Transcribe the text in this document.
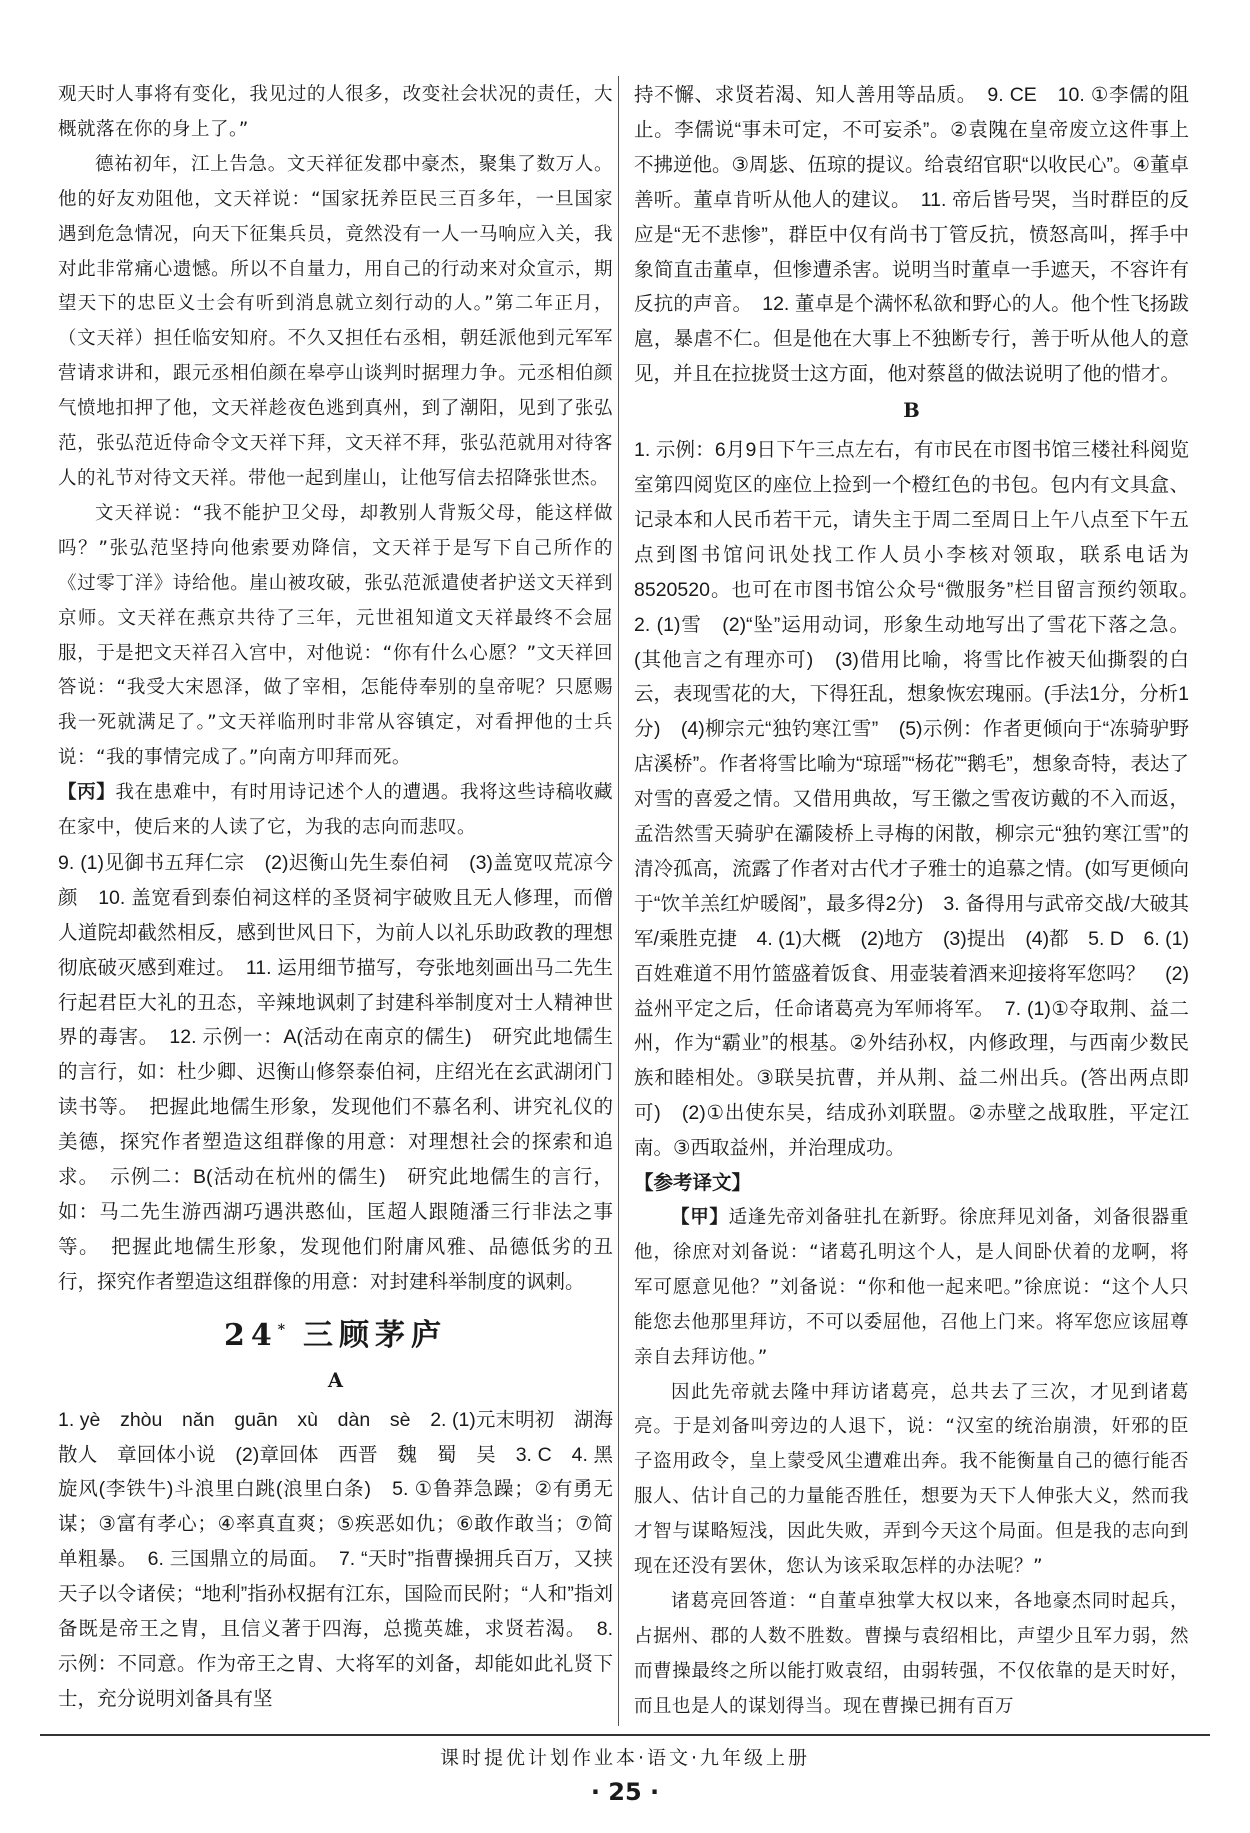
观天时人事将有变化，我见过的人很多，改变社会状况的责任，大概就落在你的身上了。”

德祐初年，江上告急。文天祥征发郡中豪杰，聚集了数万人。他的好友劝阻他，文天祥说：“国家抚养臣民三百多年，一旦国家遇到危急情况，向天下征集兵员，竟然没有一人一马响应入关，我对此非常痛心遗憾。所以不自量力，用自己的行动来对众宣示，期望天下的忠臣义士会有听到消息就立刻行动的人。”第二年正月，（文天祥）担任临安知府。不久又担任右丞相，朝廷派他到元军军营请求讲和，跟元丞相伯颜在皋亭山谈判时据理力争。元丞相伯颜气愤地扣押了他，文天祥趁夜色逃到真州，到了潮阳，见到了张弘范，张弘范近侍命令文天祥下拜，文天祥不拜，张弘范就用对待客人的礼节对待文天祥。带他一起到崖山，让他写信去招降张世杰。

文天祥说：“我不能护卫父母，却教别人背叛父母，能这样做吗？”张弘范坚持向他索要劝降信，文天祥于是写下自己所作的《过零丁洋》诗给他。崖山被攻破，张弘范派遣使者护送文天祥到京师。文天祥在燕京共待了三年，元世祖知道文天祥最终不会屈服，于是把文天祥召入宫中，对他说：“你有什么心愿？”文天祥回答说：“我受大宋恩泽，做了宰相，怎能侍奉别的皇帝呢？只愿赐我一死就满足了。”文天祥临刑时非常从容镇定，对看押他的士兵说：“我的事情完成了。”向南方叩拜而死。

【丙】我在患难中，有时用诗记述个人的遭遇。我将这些诗稿收藏在家中，使后来的人读了它，为我的志向而悲叹。

9. (1)见御书五拜仁宗　(2)迟衡山先生泰伯祠　(3)盖宽叹荒凉今颜　10. 盖宽看到泰伯祠这样的圣贤祠宇破败且无人修理，而僧人道院却截然相反，感到世风日下，为前人以礼乐助政教的理想彻底破灭感到难过。　11. 运用细节描写，夸张地刻画出马二先生行起君臣大礼的丑态，辛辣地讽刺了封建科举制度对士人精神世界的毒害。　12. 示例一：A(活动在南京的儒生)　研究此地儒生的言行，如：杜少卿、迟衡山修祭泰伯祠，庄绍光在玄武湖闭门读书等。　把握此地儒生形象，发现他们不慕名利、讲究礼仪的美德，探究作者塑造这组群像的用意：对理想社会的探索和追求。　示例二：B(活动在杭州的儒生)　研究此地儒生的言行，如：马二先生游西湖巧遇洪憨仙，匡超人跟随潘三行非法之事等。　把握此地儒生形象，发现他们附庸风雅、品德低劣的丑行，探究作者塑造这组群像的用意：对封建科举制度的讽刺。

24* 三顾茅庐
A

1. yè　zhòu　nǎn　guān　xù　dàn　sè　2. (1)元末明初　湖海散人　章回体小说　(2)章回体　西晋　魏　蜀　吴　3. C　4. 黑旋风(李铁牛)斗浪里白跳(浪里白条)　5. ①鲁莽急躁；②有勇无谋；③富有孝心；④率真直爽；⑤疾恶如仇；⑥敢作敢当；⑦简单粗暴。　6. 三国鼎立的局面。　7. “天时”指曹操拥兵百万，又挟天子以令诸侯；“地利”指孙权据有江东，国险而民附；“人和”指刘备既是帝王之胄，且信义著于四海，总揽英雄，求贤若渴。　8. 示例：不同意。作为帝王之胄、大将军的刘备，却能如此礼贤下士，充分说明刘备具有坚

持不懈、求贤若渴、知人善用等品质。　9. CE　10. ①李儒的阻止。李儒说“事未可定，不可妄杀”。②袁隗在皇帝废立这件事上不拂逆他。③周毖、伍琼的提议。给袁绍官职“以收民心”。④董卓善听。董卓肯听从他人的建议。　11. 帝后皆号哭，当时群臣的反应是“无不悲惨”，群臣中仅有尚书丁管反抗，愤怒高叫，挥手中象简直击董卓，但惨遭杀害。说明当时董卓一手遮天，不容许有反抗的声音。　12. 董卓是个满怀私欲和野心的人。他个性飞扬跋扈，暴虐不仁。但是他在大事上不独断专行，善于听从他人的意见，并且在拉拢贤士这方面，他对蔡邕的做法说明了他的惜才。

B

1. 示例：6月9日下午三点左右，有市民在市图书馆三楼社科阅览室第四阅览区的座位上捡到一个橙红色的书包。包内有文具盒、记录本和人民币若干元，请失主于周二至周日上午八点至下午五点到图书馆问讯处找工作人员小李核对领取，联系电话为8520520。也可在市图书馆公众号“微服务”栏目留言预约领取。　2. (1)雪　(2)“坠”运用动词，形象生动地写出了雪花下落之急。(其他言之有理亦可)　(3)借用比喻，将雪比作被天仙撕裂的白云，表现雪花的大，下得狂乱，想象恢宏瑰丽。(手法1分，分析1分)　(4)柳宗元“独钓寒江雪”　(5)示例：作者更倾向于“冻骑驴野店溪桥”。作者将雪比喻为“琼瑶”“杨花”“鹅毛”，想象奇特，表达了对雪的喜爱之情。又借用典故，写王徽之雪夜访戴的不入而返，孟浩然雪天骑驴在灞陵桥上寻梅的闲散，柳宗元“独钓寒江雪”的清冷孤高，流露了作者对古代才子雅士的追慕之情。(如写更倾向于“饮羊羔红炉暖阁”，最多得2分)　3. 备得用与武帝交战/大破其军/乘胜克捷　4. (1)大概　(2)地方　(3)提出　(4)都　5. D　6. (1)百姓难道不用竹篮盛着饭食、用壶装着酒来迎接将军您吗？　(2)益州平定之后，任命诸葛亮为军师将军。　7. (1)①夺取荆、益二州，作为“霸业”的根基。②外结孙权，内修政理，与西南少数民族和睦相处。③联吴抗曹，并从荆、益二州出兵。(答出两点即可)　(2)①出使东吴，结成孙刘联盟。②赤壁之战取胜，平定江南。③西取益州，并治理成功。

【参考译文】

【甲】适逢先帝刘备驻扎在新野。徐庶拜见刘备，刘备很器重他，徐庶对刘备说：“诸葛孔明这个人，是人间卧伏着的龙啊，将军可愿意见他？”刘备说：“你和他一起来吧。”徐庶说：“这个人只能您去他那里拜访，不可以委屈他，召他上门来。将军您应该屈尊亲自去拜访他。”

因此先帝就去隆中拜访诸葛亮，总共去了三次，才见到诸葛亮。于是刘备叫旁边的人退下，说：“汉室的统治崩溃，奸邪的臣子盗用政令，皇上蒙受风尘遭难出奔。我不能衡量自己的德行能否服人、估计自己的力量能否胜任，想要为天下人伸张大义，然而我才智与谋略短浅，因此失败，弄到今天这个局面。但是我的志向到现在还没有罢休，您认为该采取怎样的办法呢？”

诸葛亮回答道：“自董卓独掌大权以来，各地豪杰同时起兵，占据州、郡的人数不胜数。曹操与袁绍相比，声望少且军力弱，然而曹操最终之所以能打败袁绍，由弱转强，不仅依靠的是天时好，而且也是人的谋划得当。现在曹操已拥有百万

课时提优计划作业本·语文·九年级上册
· 25 ·
